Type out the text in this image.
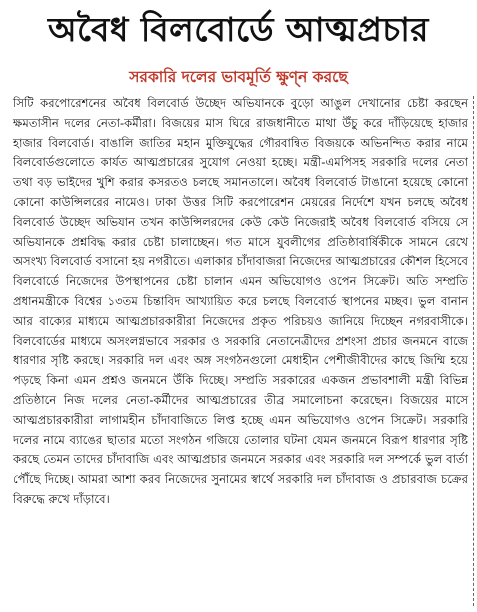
অবৈধ বিলবোর্ডে আত্মপ্রচার
সরকারি দলের ভাবমূর্তি ক্ষুণ্ন করছে

সিটি করপোরেশনের অবৈধ বিলবোর্ড উচ্ছেদ অভিযানকে বুড়ো আঙুল দেখানোর চেষ্টা করছেন ক্ষমতাসীন দলের নেতা-কর্মীরা। বিজয়ের মাস ঘিরে রাজধানীতে মাথা উঁচু করে দাঁড়িয়েছে হাজার হাজার বিলবোর্ড। বাঙালি জাতির মহান মুক্তিযুদ্ধের গৌরবান্বিত বিজয়কে অভিনন্দিত করার নামে বিলবোর্ডগুলোতে কার্যত আত্মপ্রচারের সুযোগ নেওয়া হচ্ছে। মন্ত্রী-এমপিসহ সরকারি দলের নেতা তথা বড় ভাইদের খুশি করার কসরতও চলছে সমানতালে। অবৈধ বিলবোর্ড টাঙানো হয়েছে কোনো কোনো কাউন্সিলরের নামেও। ঢাকা উত্তর সিটি করপোরেশন মেয়রের নির্দেশে যখন চলছে অবৈধ বিলবোর্ড উচ্ছেদ অভিযান তখন কাউন্সিলরদের কেউ কেউ নিজেরাই অবৈধ বিলবোর্ড বসিয়ে সে অভিযানকে প্রশ্নবিদ্ধ করার চেষ্টা চালাচ্ছেন। গত মাসে যুবলীগের প্রতিষ্ঠাবার্ষিকীকে সামনে রেখে অসংখ্য বিলবোর্ড বসানো হয় নগরীতে। এলাকার চাঁদাবাজরা নিজেদের আত্মপ্রচারের কৌশল হিসেবে বিলবোর্ডে নিজেদের উপস্থাপনের চেষ্টা চালান এমন অভিযোগও ওপেন সিক্রেট। অতি সম্প্রতি প্রধানমন্ত্রীকে বিশ্বের ১৩তম চিন্তাবিদ আখ্যায়িত করে চলছে বিলবোর্ড স্থাপনের মচ্ছব। ভুল বানান আর বাক্যের মাধ্যমে আত্মপ্রচারকারীরা নিজেদের প্রকৃত পরিচয়ও জানিয়ে দিচ্ছেন নগরবাসীকে। বিলবোর্ডের মাধ্যমে অসংলগ্নভাবে সরকার ও সরকারি নেতানেত্রীদের প্রশংসা প্রচার জনমনে বাজে ধারণার সৃষ্টি করছে। সরকারি দল এবং অঙ্গ সংগঠনগুলো মেধাহীন পেশীজীবীদের কাছে জিম্মি হয়ে পড়ছে কিনা এমন প্রশ্নও জনমনে উঁকি দিচ্ছে। সম্প্রতি সরকারের একজন প্রভাবশালী মন্ত্রী বিভিন্ন প্রতিষ্ঠানে নিজ দলের নেতা-কর্মীদের আত্মপ্রচারের তীব্র সমালোচনা করেছেন। বিজয়ের মাসে আত্মপ্রচারকারীরা লাগামহীন চাঁদাবাজিতে লিপ্ত হচ্ছে এমন অভিযোগও ওপেন সিক্রেট। সরকারি দলের নামে ব্যাঙের ছাতার মতো সংগঠন গজিয়ে তোলার ঘটনা যেমন জনমনে বিরূপ ধারণার সৃষ্টি করছে তেমন তাদের চাঁদাবাজি এবং আত্মপ্রচার জনমনে সরকার এবং সরকারি দল সম্পর্কে ভুল বার্তা পৌঁছে দিচ্ছে। আমরা আশা করব নিজেদের সুনামের স্বার্থে সরকারি দল চাঁদাবাজ ও প্রচারবাজ চক্রের বিরুদ্ধে রুখে দাঁড়াবে।
